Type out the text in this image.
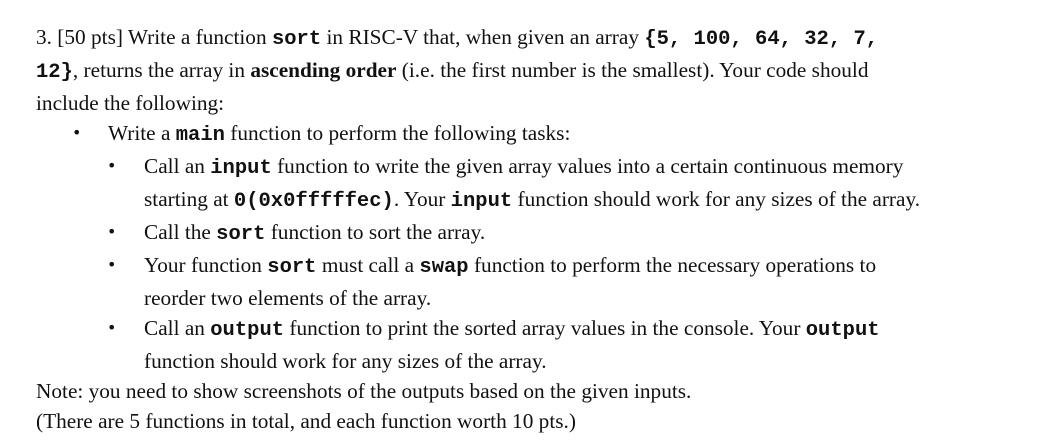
3. [50 pts] Write a function sort in RISC-V that, when given an array {5, 100, 64, 32, 7,
12}, returns the array in ascending order (i.e. the first number is the smallest). Your code should
include the following:
• Write a main function to perform the following tasks:
• Call an input function to write the given array values into a certain continuous memory
starting at 0(0x0fffffec). Your input function should work for any sizes of the array.
• Call the sort function to sort the array.
• Your function sort must call a swap function to perform the necessary operations to
reorder two elements of the array.
• Call an output function to print the sorted array values in the console. Your output
function should work for any sizes of the array.
Note: you need to show screenshots of the outputs based on the given inputs.
(There are 5 functions in total, and each function worth 10 pts.)
